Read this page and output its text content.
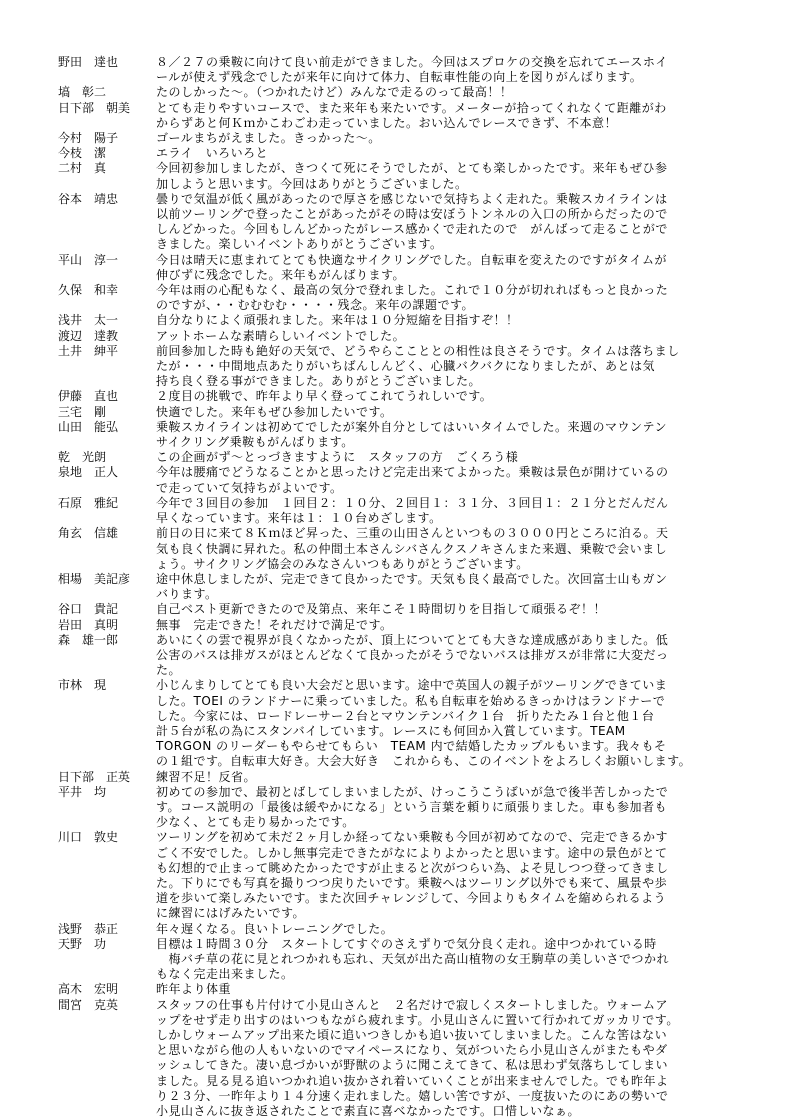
野田　達也	８／２７の乗鞍に向けて良い前走ができました。今回はスプロケの交換を忘れてエースホイ
ールが使えず残念でしたが来年に向けて体力、自転車性能の向上を図りがんばります。
塙　彰二	たのしかった～。（つかれたけど）みんなで走るのって最高！！
日下部　朝美	とても走りやすいコースで、また来年も来たいです。メーターが拾ってくれなくて距離がわ
からずあと何Ｋｍかこわごわ走っていました。おい込んでレースできず、不本意！
今村　陽子	ゴールまちがえました。きっかった～。
今枝　潔	エライ　いろいろと
二村　真	今回初参加しましたが、きつくて死にそうでしたが、とても楽しかったです。来年もぜひ参
加しようと思います。今回はありがとうございました。
谷本　靖忠	曇りで気温が低く風があったので厚さを感じないで気持ちよく走れた。乗鞍スカイラインは
以前ツーリングで登ったことがあったがその時は安ぼうトンネルの入口の所からだったので
しんどかった。今回もしんどかったがレース感かくで走れたので　がんばって走ることがで
きました。楽しいイベントありがとうございます。
平山　淳一	今日は晴天に恵まれてとても快適なサイクリングでした。自転車を変えたのですがタイムが
伸びずに残念でした。来年もがんばります。
久保　和幸	今年は雨の心配もなく、最高の気分で登れました。これで１０分が切れればもっと良かった
のですが、・・むむむむ・・・・残念。来年の課題です。
浅井　太一	自分なりによく頑張れました。来年は１０分短縮を目指すぞ！！
渡辺　達教	アットホームな素晴らしいイベントでした。
土井　紳平	前回参加した時も絶好の天気で、どうやらここととの相性は良さそうです。タイムは落ちまし
たが・・・中間地点あたりがいちばんしんどく、心臓バクバクになりましたが、あとは気
持ち良く登る事ができました。ありがとうございました。
伊藤　直也	２度目の挑戦で、昨年より早く登ってこれてうれしいです。
三宅　剛	快適でした。来年もぜひ参加したいです。
山田　能弘	乗鞍スカイラインは初めてでしたが案外自分としてはいいタイムでした。来週のマウンテン
サイクリング乗鞍もがんばります。
乾　光朗	この企画がず～とっづきますように　スタッフの方　ごくろう様
泉地　正人	今年は腰痛でどうなることかと思ったけど完走出来てよかった。乗鞍は景色が開けているの
で走っていて気持ちがよいです。
石原　雅紀	今年で３回目の参加　１回目２：１０分、２回目１：３１分、３回目１：２１分とだんだん
早くなっています。来年は１：１０台めざします。
角玄　信雄	前日の日に来て８Ｋｍほど昇った、三重の山田さんといつもの３０００円ところに泊る。天
気も良く快調に昇れた。私の仲間土本さんシバさんクスノキさんまた来週、乗鞍で会いまし
ょう。サイクリング協会のみなさんいつもありがとうございます。
相場　美記彦	途中休息しましたが、完走できて良かったです。天気も良く最高でした。次回富士山もガン
バります。
谷口　貴記	自己ベスト更新できたので及第点、来年こそ１時間切りを目指して頑張るぞ！！
岩田　真明	無事　完走できた！それだけで満足です。
森　雄一郎	あいにくの雲で視界が良くなかったが、頂上についてとても大きな達成感がありました。低
公害のバスは排ガスがほとんどなくて良かったがそうでないバスは排ガスが非常に大変だっ
た。
市林　現	小じんまりしてとても良い大会だと思います。途中で英国人の親子がツーリングできていま
した。TOEI のランドナーに乗っていました。私も自転車を始めるきっかけはランドナーで
した。今家には、ロードレーサー２台とマウンテンバイク１台　折りたたみ１台と他１台
計５台が私の為にスタンバイしています。レースにも何回か入賞しています。TEAM
TORGON のリーダーもやらせてもらい　TEAM 内で結婚したカップルもいます。我々もそ
の１組です。自転車大好き。大会大好き　これからも、このイベントをよろしくお願いします。
日下部　正英	練習不足！反省。
平井　均	初めての参加で、最初とばしてしまいましたが、けっこうこうばいが急で後半苦しかったで
す。コース説明の「最後は緩やかになる」という言葉を頼りに頑張りました。車も参加者も
少なく、とても走り易かったです。
川口　敦史	ツーリングを初めて未だ２ヶ月しか経ってない乗鞍も今回が初めてなので、完走できるかす
ごく不安でした。しかし無事完走できたがなによりよかったと思います。途中の景色がとて
も幻想的で止まって眺めたかったですが止まると次がつらい為、よそ見しつつ登ってきまし
た。下りにでも写真を撮りつつ戻りたいです。乗鞍へはツーリング以外でも来て、風景や歩
道を歩いて楽しみたいです。また次回チャレンジして、今回よりもタイムを縮められるよう
に練習にはげみたいです。
浅野　恭正	年々遅くなる。良いトレーニングでした。
天野　功	目標は１時間３０分　スタートしてすぐのさえずりで気分良く走れ。途中つかれている時
　梅バチ草の花に見とれつかれも忘れ、天気が出た高山植物の女王駒草の美しいさでつかれ
もなく完走出来ました。
高木　宏明	昨年より体重
間宮　克英	スタッフの仕事も片付けて小見山さんと　２名だけで寂しくスタートしました。ウォームア
ップをせず走り出すのはいつもながら疲れます。小見山さんに置いて行かれてガッカリです。
しかしウォームアップ出来た頃に追いつきしかも追い抜いてしまいました。こんな筈はない
と思いながら他の人もいないのでマイペースになり、気がついたら小見山さんがまたもやダ
ッシュしてきた。凄い息づかいが野獣のように聞こえてきて、私は思わず気落ちしてしまい
ました。見る見る追いつかれ追い抜かされ着いていくことが出来ませんでした。でも昨年よ
り２３分、一昨年より１４分速く走れました。嬉しい筈ですが、一度抜いたのにあの勢いで
小見山さんに抜き返されたことで素直に喜べなかったです。口惜しいなぁ。
